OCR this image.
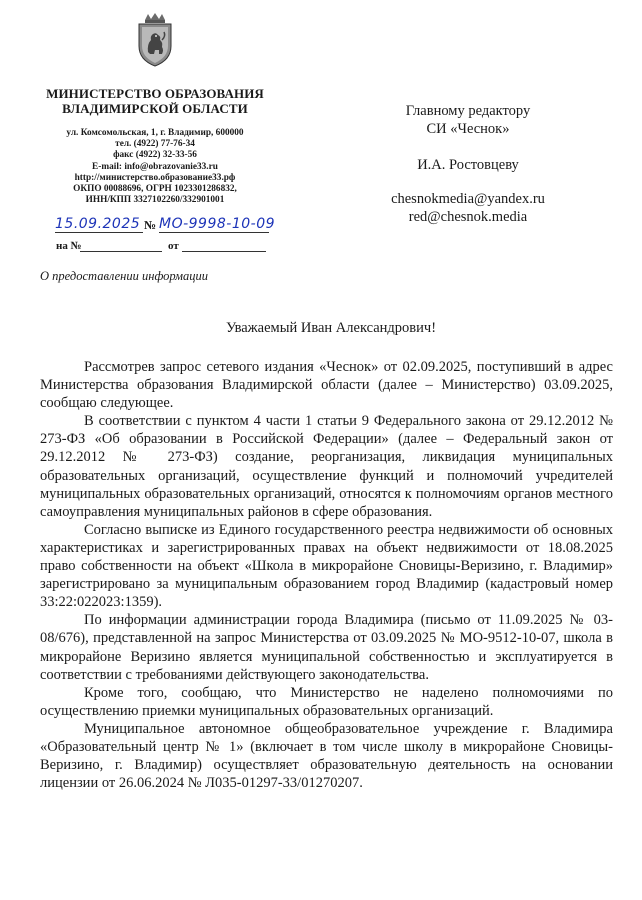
МИНИСТЕРСТВО ОБРАЗОВАНИЯ
ВЛАДИМИРСКОЙ ОБЛАСТИ
ул. Комсомольская, 1, г. Владимир, 600000
тел. (4922) 77-76-34
факс (4922) 32-33-56
E-mail: info@obrazovanie33.ru
http://министерство.образование33.рф
ОКПО 00088696, ОГРН 1023301286832,
ИНН/КПП 3327102260/332901001
15.09.2025 № МО-9998-10-09
на №	от
О предоставлении информации
Главному редактору
СИ «Чеснок»
И.А. Ростовцеву
chesnokmedia@yandex.ru
red@chesnok.media
Уважаемый Иван Александрович!

Рассмотрев запрос сетевого издания «Чеснок» от 02.09.2025, поступивший в адрес Министерства образования Владимирской области (далее – Министерство) 03.09.2025, сообщаю следующее.

В соответствии с пунктом 4 части 1 статьи 9 Федерального закона от 29.12.2012 № 273-ФЗ «Об образовании в Российской Федерации» (далее – Федеральный закон от 29.12.2012 № 273-ФЗ) создание, реорганизация, ликвидация муниципальных образовательных организаций, осуществление функций и полномочий учредителей муниципальных образовательных организаций, относятся к полномочиям органов местного самоуправления муниципальных районов в сфере образования.

Согласно выписке из Единого государственного реестра недвижимости об основных характеристиках и зарегистрированных правах на объект недвижимости от 18.08.2025 право собственности на объект «Школа в микрорайоне Сновицы-Веризино, г. Владимир» зарегистрировано за муниципальным образованием город Владимир (кадастровый номер 33:22:022023:1359).

По информации администрации города Владимира (письмо от 11.09.2025 № 03-08/676), представленной на запрос Министерства от 03.09.2025 № МО-9512-10-07, школа в микрорайоне Веризино является муниципальной собственностью и эксплуатируется в соответствии с требованиями действующего законодательства.

Кроме того, сообщаю, что Министерство не наделено полномочиями по осуществлению приемки муниципальных образовательных организаций.

Муниципальное автономное общеобразовательное учреждение г. Владимира «Образовательный центр № 1» (включает в том числе школу в микрорайоне Сновицы-Веризино, г. Владимир) осуществляет образовательную деятельность на основании лицензии от 26.06.2024 № Л035-01297-33/01270207.
